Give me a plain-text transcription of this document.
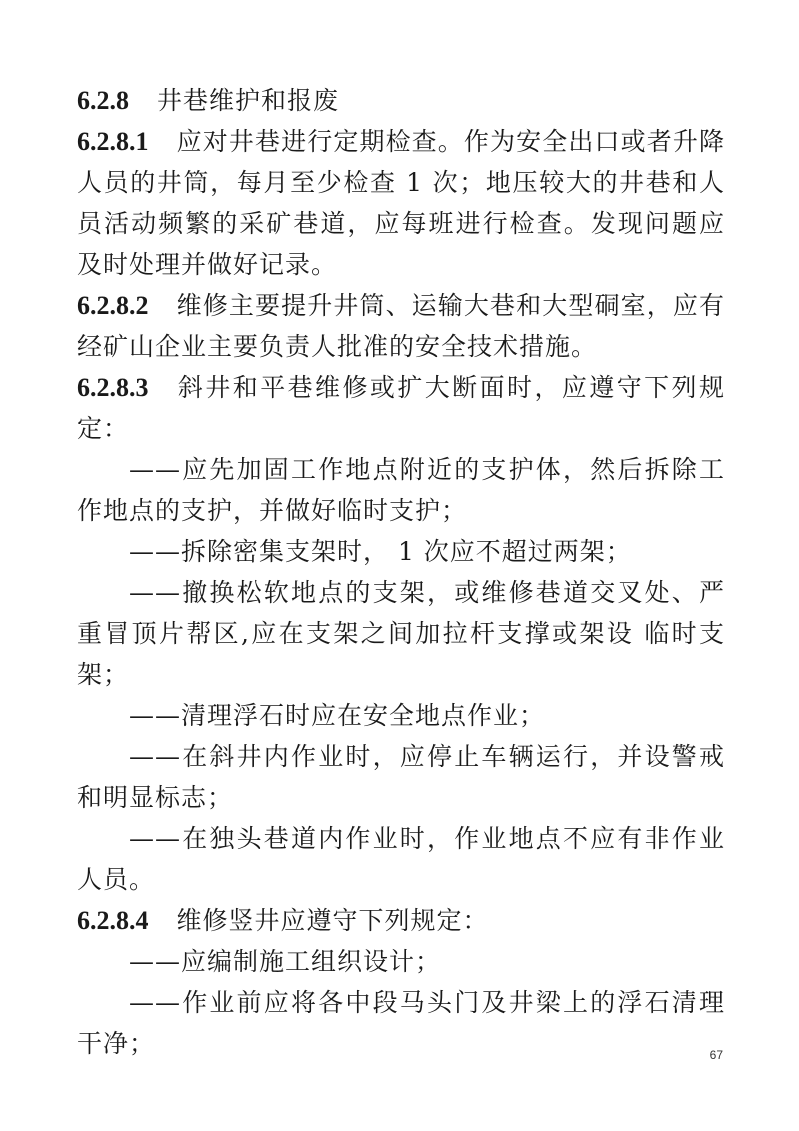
6.2.8 井巷维护和报废

6.2.8.1 应对井巷进行定期检查。作为安全出口或者升降人员的井筒，每月至少检查 1 次；地压较大的井巷和人员活动频繁的采矿巷道，应每班进行检查。发现问题应及时处理并做好记录。

6.2.8.2 维修主要提升井筒、运输大巷和大型硐室，应有经矿山企业主要负责人批准的安全技术措施。

6.2.8.3 斜井和平巷维修或扩大断面时，应遵守下列规定：

——应先加固工作地点附近的支护体，然后拆除工作地点的支护，并做好临时支护；

——拆除密集支架时， 1 次应不超过两架；

——撤换松软地点的支架，或维修巷道交叉处、严重冒顶片帮区,应在支架之间加拉杆支撑或架设 临时支架；

——清理浮石时应在安全地点作业；

——在斜井内作业时，应停止车辆运行，并设警戒和明显标志；

——在独头巷道内作业时，作业地点不应有非作业人员。

6.2.8.4 维修竖井应遵守下列规定：

——应编制施工组织设计；

——作业前应将各中段马头门及井梁上的浮石清理干净；	67
